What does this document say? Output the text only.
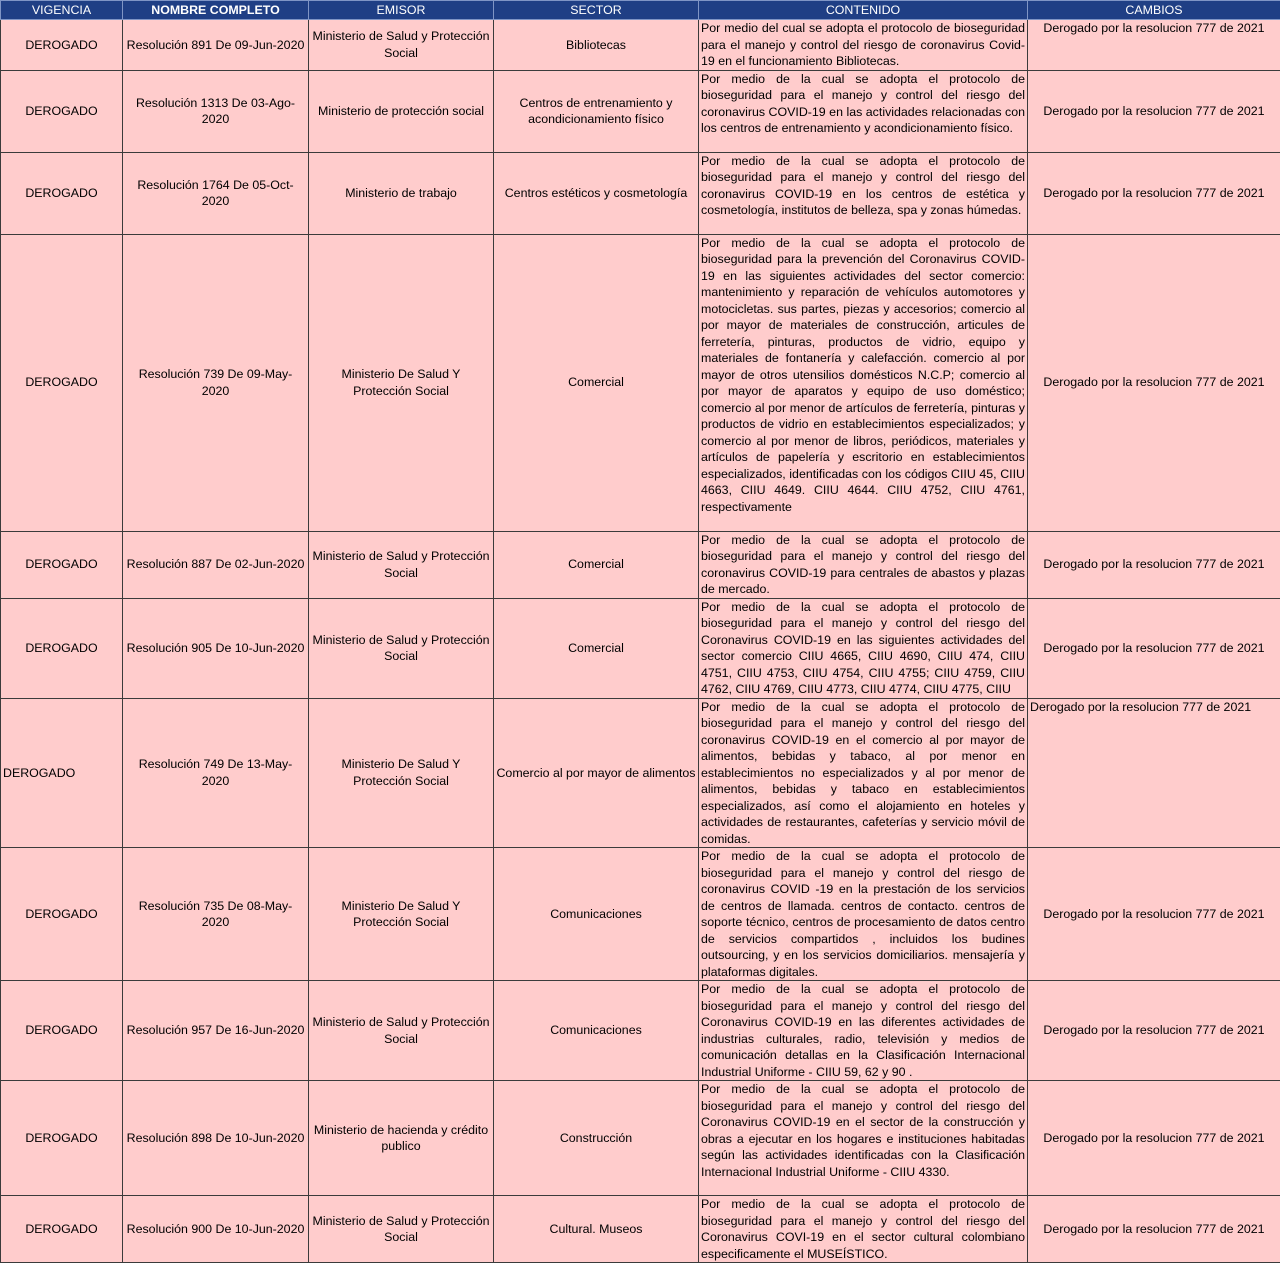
VIGENCIA	NOMBRE COMPLETO	EMISOR	SECTOR	CONTENIDO	CAMBIOS
DEROGADO	Resolución 891 De 09-Jun-2020	Ministerio de Salud y Protección Social	Bibliotecas	Por medio del cual se adopta el protocolo de bioseguridad para el manejo y control del riesgo de coronavirus Covid-19 en el funcionamiento Bibliotecas.	Derogado por la resolucion 777 de 2021
DEROGADO	Resolución 1313 De 03-Ago-2020	Ministerio de protección social	Centros de entrenamiento y acondicionamiento físico	Por medio de la cual se adopta el protocolo de bioseguridad para el manejo y control del riesgo del coronavirus COVID-19 en las actividades relacionadas con los centros de entrenamiento y acondicionamiento físico.	Derogado por la resolucion 777 de 2021
DEROGADO	Resolución 1764 De 05-Oct-2020	Ministerio de trabajo	Centros estéticos y cosmetología	Por medio de la cual se adopta el protocolo de bioseguridad para el manejo y control del riesgo del coronavirus COVID-19 en los centros de estética y cosmetología, institutos de belleza, spa y zonas húmedas.	Derogado por la resolucion 777 de 2021
DEROGADO	Resolución 739 De 09-May-2020	Ministerio De Salud Y Protección Social	Comercial	Por medio de la cual se adopta el protocolo de bioseguridad para la prevención del Coronavirus COVID-19 en las siguientes actividades del sector comercio: mantenimiento y reparación de vehículos automotores y motocicletas. sus partes, piezas y accesorios; comercio al por mayor de materiales de construcción, articules de ferretería, pinturas, productos de vidrio, equipo y materiales de fontanería y calefacción. comercio al por mayor de otros utensilios domésticos N.C.P; comercio al por mayor de aparatos y equipo de uso doméstico; comercio al por menor de artículos de ferretería, pinturas y productos de vidrio en establecimientos especializados; y comercio al por menor de libros, periódicos, materiales y artículos de papelería y escritorio en establecimientos especializados, identificadas con los códigos CIIU 45, CIIU 4663, CIIU 4649. CIIU 4644. CIIU 4752, CIIU 4761, respectivamente	Derogado por la resolucion 777 de 2021
DEROGADO	Resolución 887 De 02-Jun-2020	Ministerio de Salud y Protección Social	Comercial	Por medio de la cual se adopta el protocolo de bioseguridad para el manejo y control del riesgo del coronavirus COVID-19 para centrales de abastos y plazas de mercado.	Derogado por la resolucion 777 de 2021
DEROGADO	Resolución 905 De 10-Jun-2020	Ministerio de Salud y Protección Social	Comercial	Por medio de la cual se adopta el protocolo de bioseguridad para el manejo y control del riesgo del Coronavirus COVID-19 en las siguientes actividades del sector comercio CIIU 4665, CIIU 4690, CIIU 474, CIIU 4751, CIIU 4753, CIIU 4754, CIIU 4755; CIIU 4759, CIIU 4762, CIIU 4769, CIIU 4773, CIIU 4774, CIIU 4775, CIIU	Derogado por la resolucion 777 de 2021
DEROGADO	Resolución 749 De 13-May-2020	Ministerio De Salud Y Protección Social	Comercio al por mayor de alimentos	Por medio de la cual se adopta el protocolo de bioseguridad para el manejo y control del riesgo del coronavirus COVID-19 en el comercio al por mayor de alimentos, bebidas y tabaco, al por menor en establecimientos no especializados y al por menor de alimentos, bebidas y tabaco en establecimientos especializados, así como el alojamiento en hoteles y actividades de restaurantes, cafeterías y servicio móvil de comidas.	Derogado por la resolucion 777 de 2021
DEROGADO	Resolución 735 De 08-May-2020	Ministerio De Salud Y Protección Social	Comunicaciones	Por medio de la cual se adopta el protocolo de bioseguridad para el manejo y control del riesgo de coronavirus COVID -19 en la prestación de los servicios de centros de llamada. centros de contacto. centros de soporte técnico, centros de procesamiento de datos centro de servicios compartidos , incluidos los budines outsourcing, y en los servicios domiciliarios. mensajería y plataformas digitales.	Derogado por la resolucion 777 de 2021
DEROGADO	Resolución 957 De 16-Jun-2020	Ministerio de Salud y Protección Social	Comunicaciones	Por medio de la cual se adopta el protocolo de bioseguridad para el manejo y control del riesgo del Coronavirus COVID-19 en las diferentes actividades de industrias culturales, radio, televisión y medios de comunicación detallas en la Clasificación Internacional Industrial Uniforme - CIIU 59, 62 y 90 .	Derogado por la resolucion 777 de 2021
DEROGADO	Resolución 898 De 10-Jun-2020	Ministerio de hacienda y crédito publico	Construcción	Por medio de la cual se adopta el protocolo de bioseguridad para el manejo y control del riesgo del Coronavirus COVID-19 en el sector de la construcción y obras a ejecutar en los hogares e instituciones habitadas según las actividades identificadas con la Clasificación Internacional Industrial Uniforme - CIIU 4330.	Derogado por la resolucion 777 de 2021
DEROGADO	Resolución 900 De 10-Jun-2020	Ministerio de Salud y Protección Social	Cultural. Museos	Por medio de la cual se adopta el protocolo de bioseguridad para el manejo y control del riesgo del Coronavirus COVI-19 en el sector cultural colombiano especificamente el MUSEÍSTICO.	Derogado por la resolucion 777 de 2021
